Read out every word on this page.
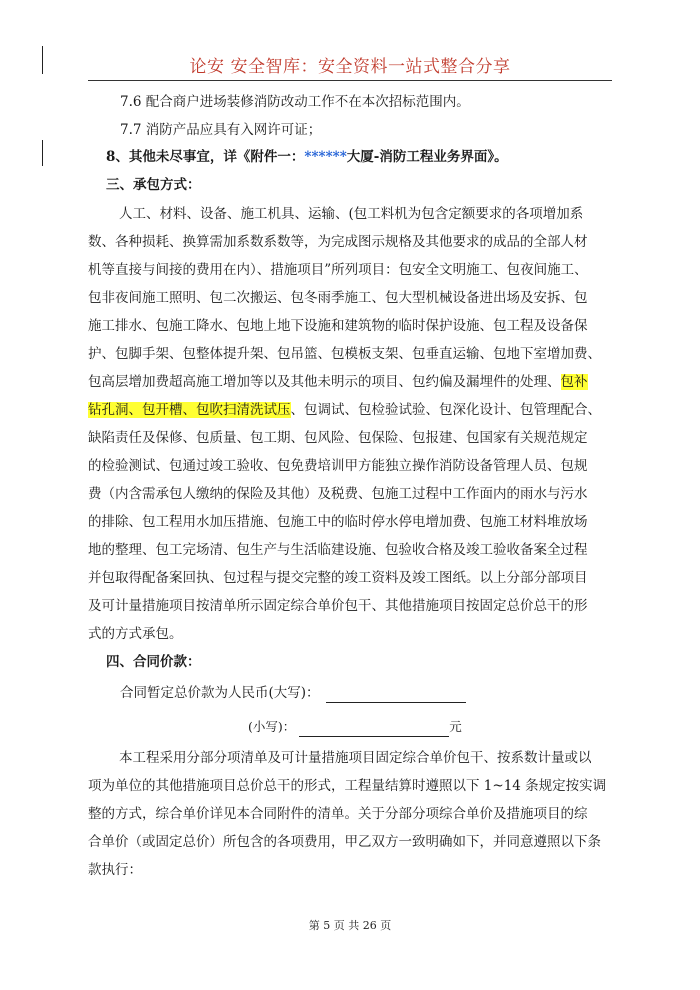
论安 安全智库：安全资料一站式整合分享
7.6 配合商户进场装修消防改动工作不在本次招标范围内。
7.7 消防产品应具有入网许可证；
8、其他未尽事宜，详《附件一：******大厦-消防工程业务界面》。
三、承包方式：
人工、材料、设备、施工机具、运输、(包工料机为包含定额要求的各项增加系
数、各种损耗、换算需加系数系数等，为完成图示规格及其他要求的成品的全部人材
机等直接与间接的费用在内）、措施项目”所列项目：包安全文明施工、包夜间施工、
包非夜间施工照明、包二次搬运、包冬雨季施工、包大型机械设备进出场及安拆、包
施工排水、包施工降水、包地上地下设施和建筑物的临时保护设施、包工程及设备保
护、包脚手架、包整体提升架、包吊篮、包模板支架、包垂直运输、包地下室增加费、
包高层增加费超高施工增加等以及其他未明示的项目、包约偏及漏埋件的处理、包补
钻孔洞、包开槽、包吹扫清洗试压、包调试、包检验试验、包深化设计、包管理配合、
缺陷责任及保修、包质量、包工期、包风险、包保险、包报建、包国家有关规范规定
的检验测试、包通过竣工验收、包免费培训甲方能独立操作消防设备管理人员、包规
费（内含需承包人缴纳的保险及其他）及税费、包施工过程中工作面内的雨水与污水
的排除、包工程用水加压措施、包施工中的临时停水停电增加费、包施工材料堆放场
地的整理、包工完场清、包生产与生活临建设施、包验收合格及竣工验收备案全过程
并包取得配备案回执、包过程与提交完整的竣工资料及竣工图纸。以上分部分部项目
及可计量措施项目按清单所示固定综合单价包干、其他措施项目按固定总价总干的形
式的方式承包。
四、合同价款：
合同暂定总价款为人民币(大写)：
(小写)：	元
本工程采用分部分项清单及可计量措施项目固定综合单价包干、按系数计量或以
项为单位的其他措施项目总价总干的形式，工程量结算时遵照以下 1~14 条规定按实调
整的方式，综合单价详见本合同附件的清单。关于分部分项综合单价及措施项目的综
合单价（或固定总价）所包含的各项费用，甲乙双方一致明确如下，并同意遵照以下条
款执行：
第 5 页 共 26 页
